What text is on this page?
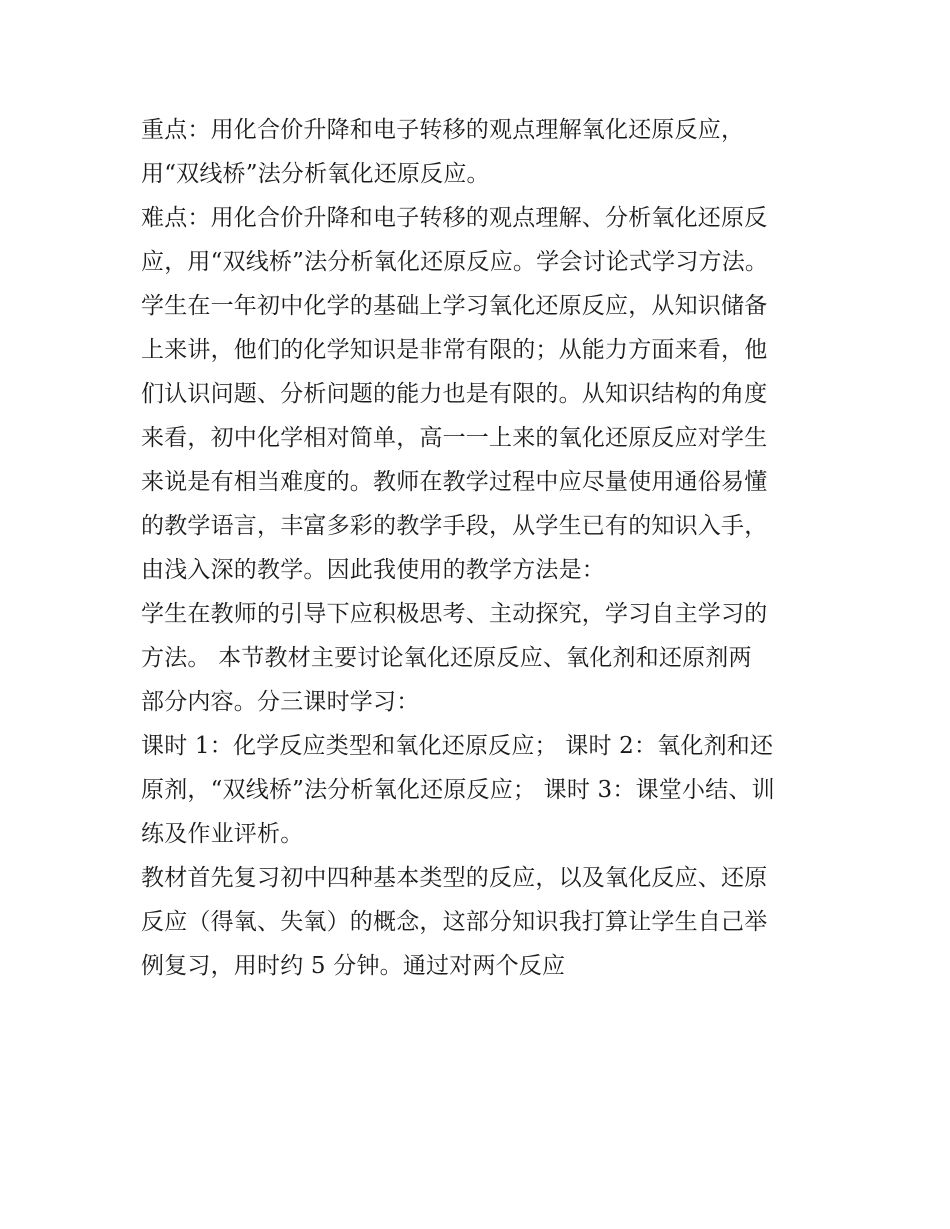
重点：用化合价升降和电子转移的观点理解氧化还原反应，
用“双线桥”法分析氧化还原反应。
难点：用化合价升降和电子转移的观点理解、分析氧化还原反
应，用“双线桥”法分析氧化还原反应。学会讨论式学习方法。
学生在一年初中化学的基础上学习氧化还原反应，从知识储备
上来讲，他们的化学知识是非常有限的；从能力方面来看，他
们认识问题、分析问题的能力也是有限的。从知识结构的角度
来看，初中化学相对简单，高一一上来的氧化还原反应对学生
来说是有相当难度的。教师在教学过程中应尽量使用通俗易懂
的教学语言，丰富多彩的教学手段，从学生已有的知识入手，
由浅入深的教学。因此我使用的教学方法是：
学生在教师的引导下应积极思考、主动探究，学习自主学习的
方法。 本节教材主要讨论氧化还原反应、氧化剂和还原剂两
部分内容。分三课时学习：
课时 1：化学反应类型和氧化还原反应； 课时 2：氧化剂和还
原剂，“双线桥”法分析氧化还原反应； 课时 3：课堂小结、训
练及作业评析。
教材首先复习初中四种基本类型的反应，以及氧化反应、还原
反应（得氧、失氧）的概念，这部分知识我打算让学生自己举
例复习，用时约 5 分钟。通过对两个反应
